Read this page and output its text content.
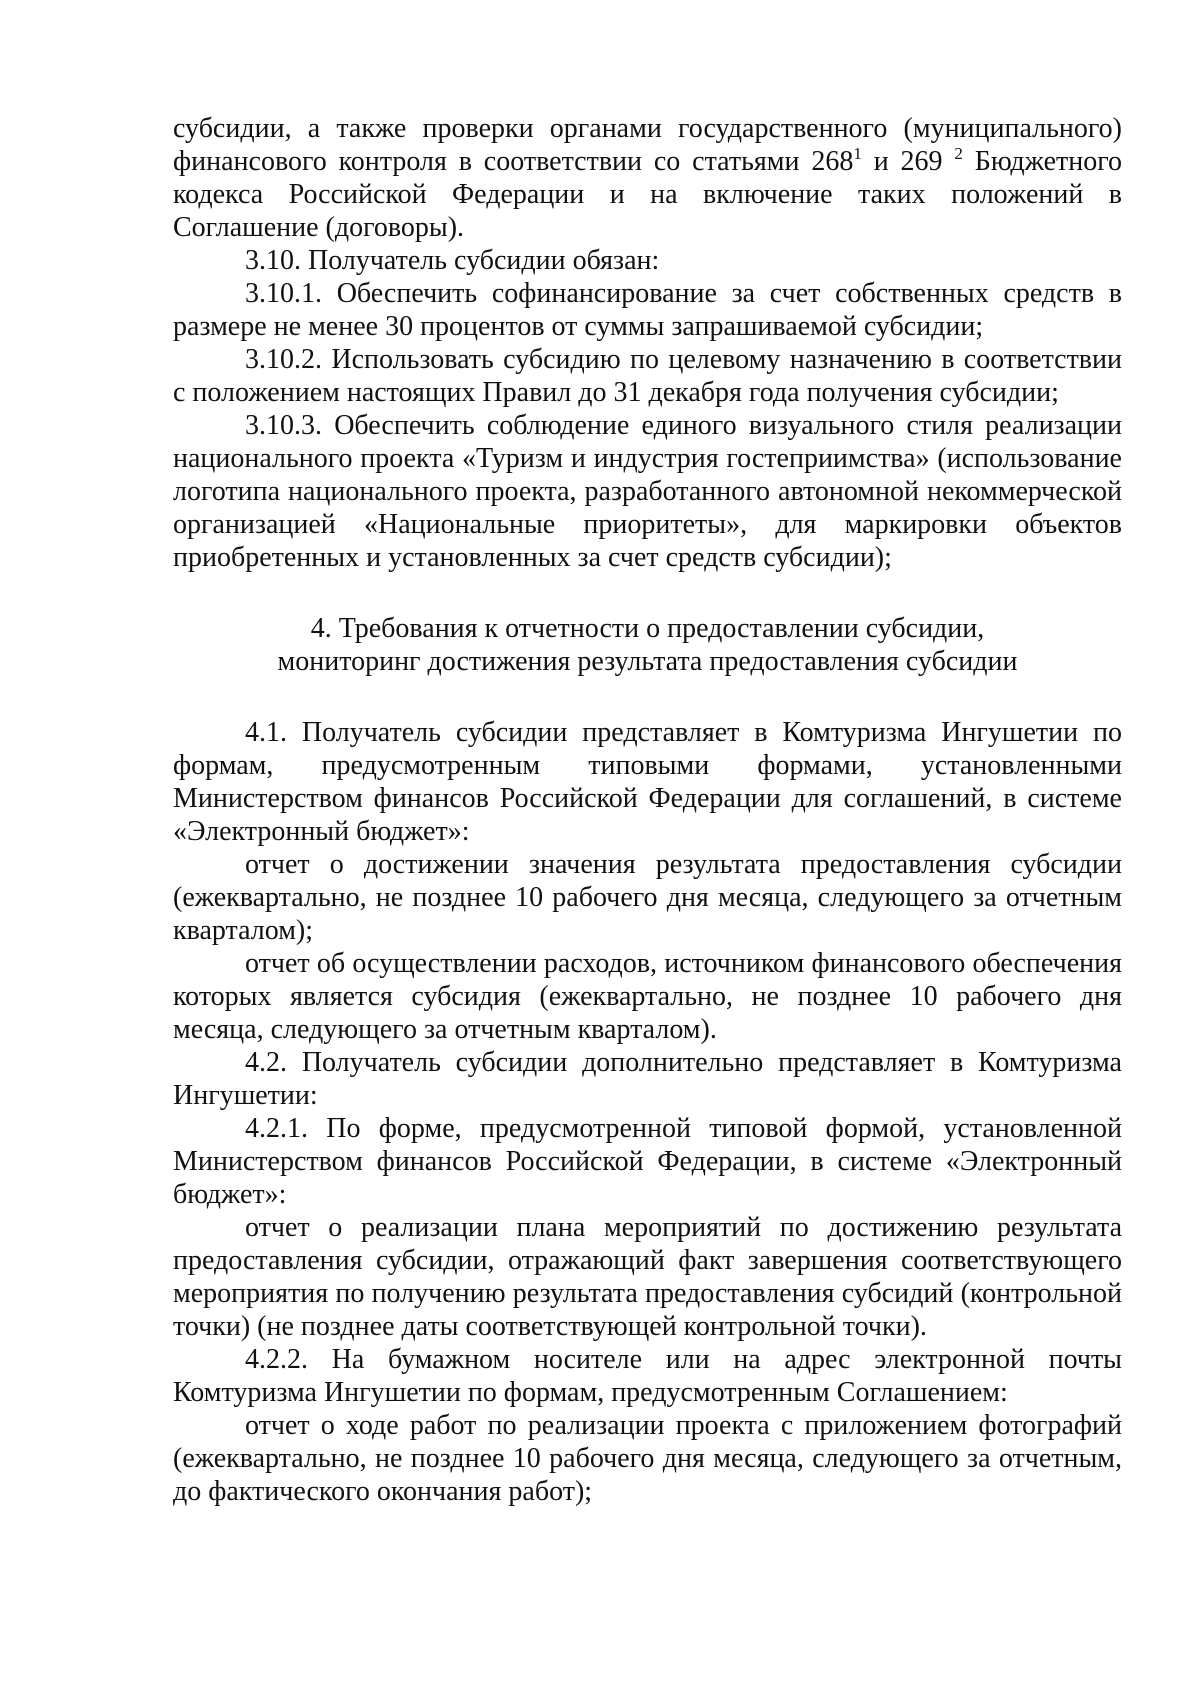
субсидии, а также проверки органами государственного (муниципального) финансового контроля в соответствии со статьями $268^1$ и 269 $^2$ Бюджетного кодекса Российской Федерации и на включение таких положений в Соглашение (договоры).

3.10. Получатель субсидии обязан:

3.10.1. Обеспечить софинансирование за счет собственных средств в размере не менее 30 процентов от суммы запрашиваемой субсидии;

3.10.2. Использовать субсидию по целевому назначению в соответствии с положением настоящих Правил до 31 декабря года получения субсидии;

3.10.3. Обеспечить соблюдение единого визуального стиля реализации национального проекта «Туризм и индустрия гостеприимства» (использование логотипа национального проекта, разработанного автономной некоммерческой организацией «Национальные приоритеты», для маркировки объектов приобретенных и установленных за счет средств субсидии);

4. Требования к отчетности о предоставлении субсидии,
мониторинг достижения результата предоставления субсидии

4.1. Получатель субсидии представляет в Комтуризма Ингушетии по формам, предусмотренным типовыми формами, установленными Министерством финансов Российской Федерации для соглашений, в системе «Электронный бюджет»:

отчет о достижении значения результата предоставления субсидии (ежеквартально, не позднее 10 рабочего дня месяца, следующего за отчетным кварталом);

отчет об осуществлении расходов, источником финансового обеспечения которых является субсидия (ежеквартально, не позднее 10 рабочего дня месяца, следующего за отчетным кварталом).

4.2. Получатель субсидии дополнительно представляет в Комтуризма Ингушетии:

4.2.1. По форме, предусмотренной типовой формой, установленной Министерством финансов Российской Федерации, в системе «Электронный бюджет»:

отчет о реализации плана мероприятий по достижению результата предоставления субсидии, отражающий факт завершения соответствующего мероприятия по получению результата предоставления субсидий (контрольной точки) (не позднее даты соответствующей контрольной точки).

4.2.2. На бумажном носителе или на адрес электронной почты Комтуризма Ингушетии по формам, предусмотренным Соглашением:

отчет о ходе работ по реализации проекта с приложением фотографий (ежеквартально, не позднее 10 рабочего дня месяца, следующего за отчетным, до фактического окончания работ);
